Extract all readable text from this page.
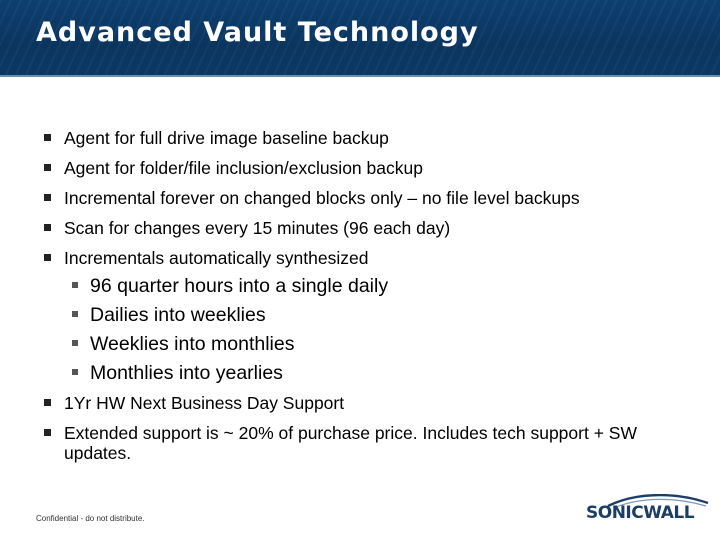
Advanced Vault Technology
Agent for full drive image baseline backup
Agent for folder/file inclusion/exclusion backup
Incremental forever on changed blocks only – no file level backups
Scan for changes every 15 minutes (96 each day)
Incrementals automatically synthesized
96 quarter hours into a single daily
Dailies into weeklies
Weeklies into monthlies
Monthlies into yearlies
1Yr HW Next Business Day Support
Extended support is ~ 20% of purchase price. Includes tech support + SW updates.
Confidential - do not distribute.	SONICWALL
